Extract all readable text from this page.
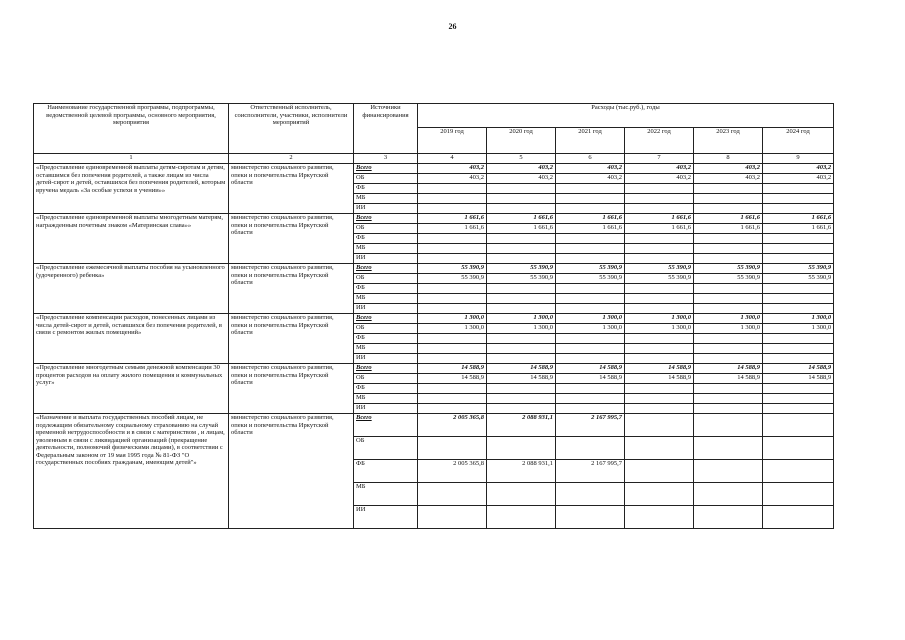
26
Наименование государственной программы, подпрограммы, ведомственной целевой программы, основного мероприятия, мероприятия	Ответственный исполнитель, соисполнители, участники, исполнители мероприятий	Источники финансирования	Расходы (тыс.руб.), годы					
			2019 год	2020 год	2021 год	2022 год	2023 год	2024 год
1	2	3	4	5	6	7	8	9
«Предоставление единовременной выплаты детям-сиротам и детям, оставшимся без попечения родителей, а также лицам из числа детей-сирот и детей, оставшихся без попечения родителей, которым вручена медаль «За особые успехи в учении»»	министерство социального развития, опеки и попечительства Иркутской области	Всего	403,2	403,2	403,2	403,2	403,2	403,2
		ОБ	403,2	403,2	403,2	403,2	403,2	403,2
		ФБ						
		МБ						
		ИИ						
«Предоставление единовременной выплаты многодетным матерям, награжденным почетным знаком «Материнская слава»»	министерство социального развития, опеки и попечительства Иркутской области	Всего	1 661,6	1 661,6	1 661,6	1 661,6	1 661,6	1 661,6
		ОБ	1 661,6	1 661,6	1 661,6	1 661,6	1 661,6	1 661,6
		ФБ						
		МБ						
		ИИ						
«Предоставление ежемесячной выплаты пособия на усыновленного (удочеренного) ребенка»	министерство социального развития, опеки и попечительства Иркутской области	Всего	55 390,9	55 390,9	55 390,9	55 390,9	55 390,9	55 390,9
		ОБ	55 390,9	55 390,9	55 390,9	55 390,9	55 390,9	55 390,9
		ФБ						
		МБ						
		ИИ						
«Предоставление компенсации расходов, понесенных лицами из числа детей-сирот и детей, оставшихся без попечения родителей, в связи с ремонтом жилых помещений»	министерство социального развития, опеки и попечительства Иркутской области	Всего	1 300,0	1 300,0	1 300,0	1 300,0	1 300,0	1 300,0
		ОБ	1 300,0	1 300,0	1 300,0	1 300,0	1 300,0	1 300,0
		ФБ						
		МБ						
		ИИ						
«Предоставление многодетным семьям денежной компенсации 30 процентов расходов на оплату жилого помещения и коммунальных услуг»	министерство социального развития, опеки и попечительства Иркутской области	Всего	14 588,9	14 588,9	14 588,9	14 588,9	14 588,9	14 588,9
		ОБ	14 588,9	14 588,9	14 588,9	14 588,9	14 588,9	14 588,9
		ФБ						
		МБ						
		ИИ						
«Назначение и выплата государственных пособий лицам, не подлежащим обязательному социальному страхованию на случай временной нетрудоспособности и в связи с материнством , и лицам, уволенным в связи с ликвидацией организаций (прекращение деятельности, полномочий физическими лицами), в соответствии с Федеральным законом от 19 мая 1995 года № 81-ФЗ "О государственных пособиях гражданам, имеющим детей"»	министерство социального развития, опеки и попечительства Иркутской области	Всего	2 005 365,8	2 088 931,1	2 167 995,7			
		ОБ						
		ФБ	2 005 365,8	2 088 931,1	2 167 995,7			
		МБ						
		ИИ						
